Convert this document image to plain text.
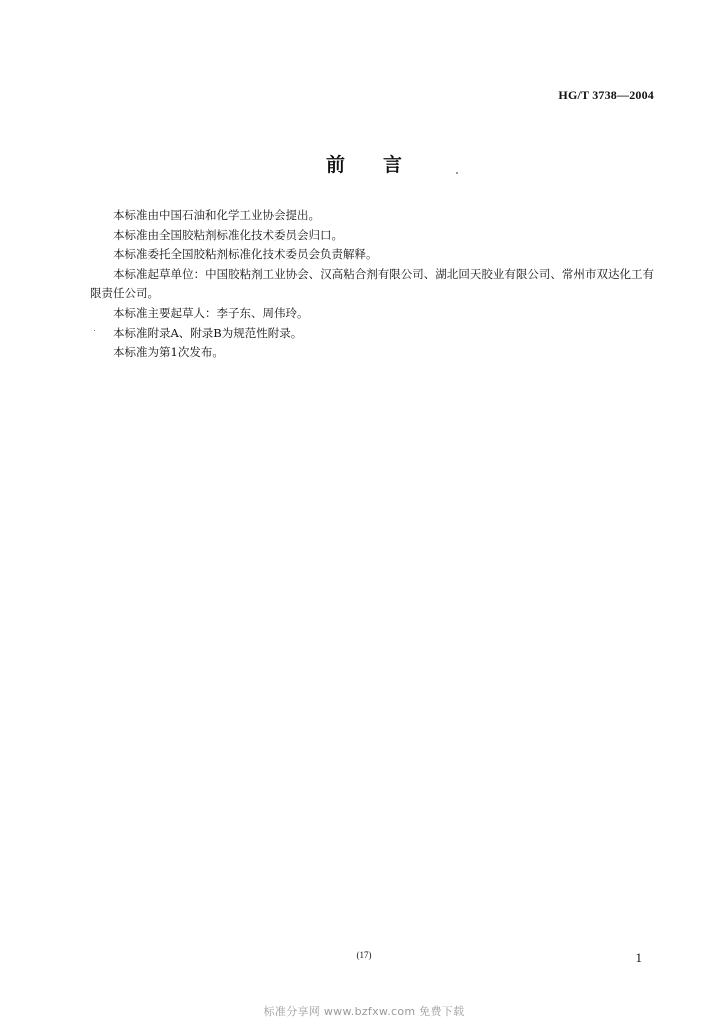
HG/T 3738—2004
前 言

本标准由中国石油和化学工业协会提出。

本标准由全国胶粘剂标准化技术委员会归口。

本标准委托全国胶粘剂标准化技术委员会负责解释。

本标准起草单位：中国胶粘剂工业协会、汉高粘合剂有限公司、湖北回天胶业有限公司、常州市双达化工有限责任公司。

本标准主要起草人：李子东、周伟玲。

本标准附录A、附录B为规范性附录。

本标准为第1次发布。

(17)	1
标准分享网 www.bzfxw.com 免费下载
